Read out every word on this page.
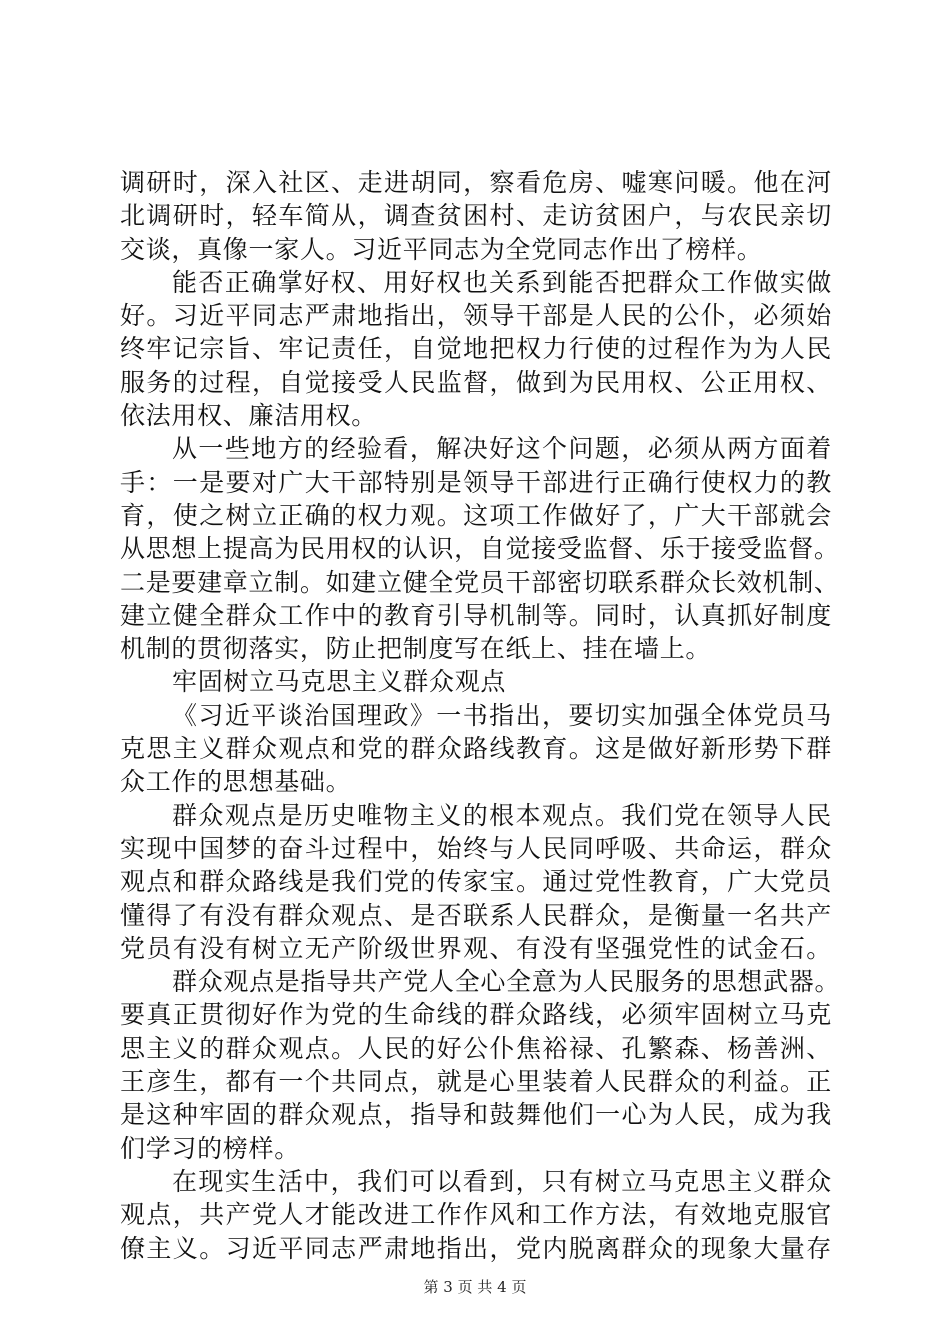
调研时，深入社区、走进胡同，察看危房、嘘寒问暖。他在河
北调研时，轻车简从，调查贫困村、走访贫困户，与农民亲切
交谈，真像一家人。习近平同志为全党同志作出了榜样。
能否正确掌好权、用好权也关系到能否把群众工作做实做
好。习近平同志严肃地指出，领导干部是人民的公仆，必须始
终牢记宗旨、牢记责任，自觉地把权力行使的过程作为为人民
服务的过程，自觉接受人民监督，做到为民用权、公正用权、
依法用权、廉洁用权。
从一些地方的经验看，解决好这个问题，必须从两方面着
手：一是要对广大干部特别是领导干部进行正确行使权力的教
育，使之树立正确的权力观。这项工作做好了，广大干部就会
从思想上提高为民用权的认识，自觉接受监督、乐于接受监督。
二是要建章立制。如建立健全党员干部密切联系群众长效机制、
建立健全群众工作中的教育引导机制等。同时，认真抓好制度
机制的贯彻落实，防止把制度写在纸上、挂在墙上。
牢固树立马克思主义群众观点
《习近平谈治国理政》一书指出，要切实加强全体党员马
克思主义群众观点和党的群众路线教育。这是做好新形势下群
众工作的思想基础。
群众观点是历史唯物主义的根本观点。我们党在领导人民
实现中国梦的奋斗过程中，始终与人民同呼吸、共命运，群众
观点和群众路线是我们党的传家宝。通过党性教育，广大党员
懂得了有没有群众观点、是否联系人民群众，是衡量一名共产
党员有没有树立无产阶级世界观、有没有坚强党性的试金石。
群众观点是指导共产党人全心全意为人民服务的思想武器。
要真正贯彻好作为党的生命线的群众路线，必须牢固树立马克
思主义的群众观点。人民的好公仆焦裕禄、孔繁森、杨善洲、
王彦生，都有一个共同点，就是心里装着人民群众的利益。正
是这种牢固的群众观点，指导和鼓舞他们一心为人民，成为我
们学习的榜样。
在现实生活中，我们可以看到，只有树立马克思主义群众
观点，共产党人才能改进工作作风和工作方法，有效地克服官
僚主义。习近平同志严肃地指出，党内脱离群众的现象大量存
第 3 页 共 4 页
